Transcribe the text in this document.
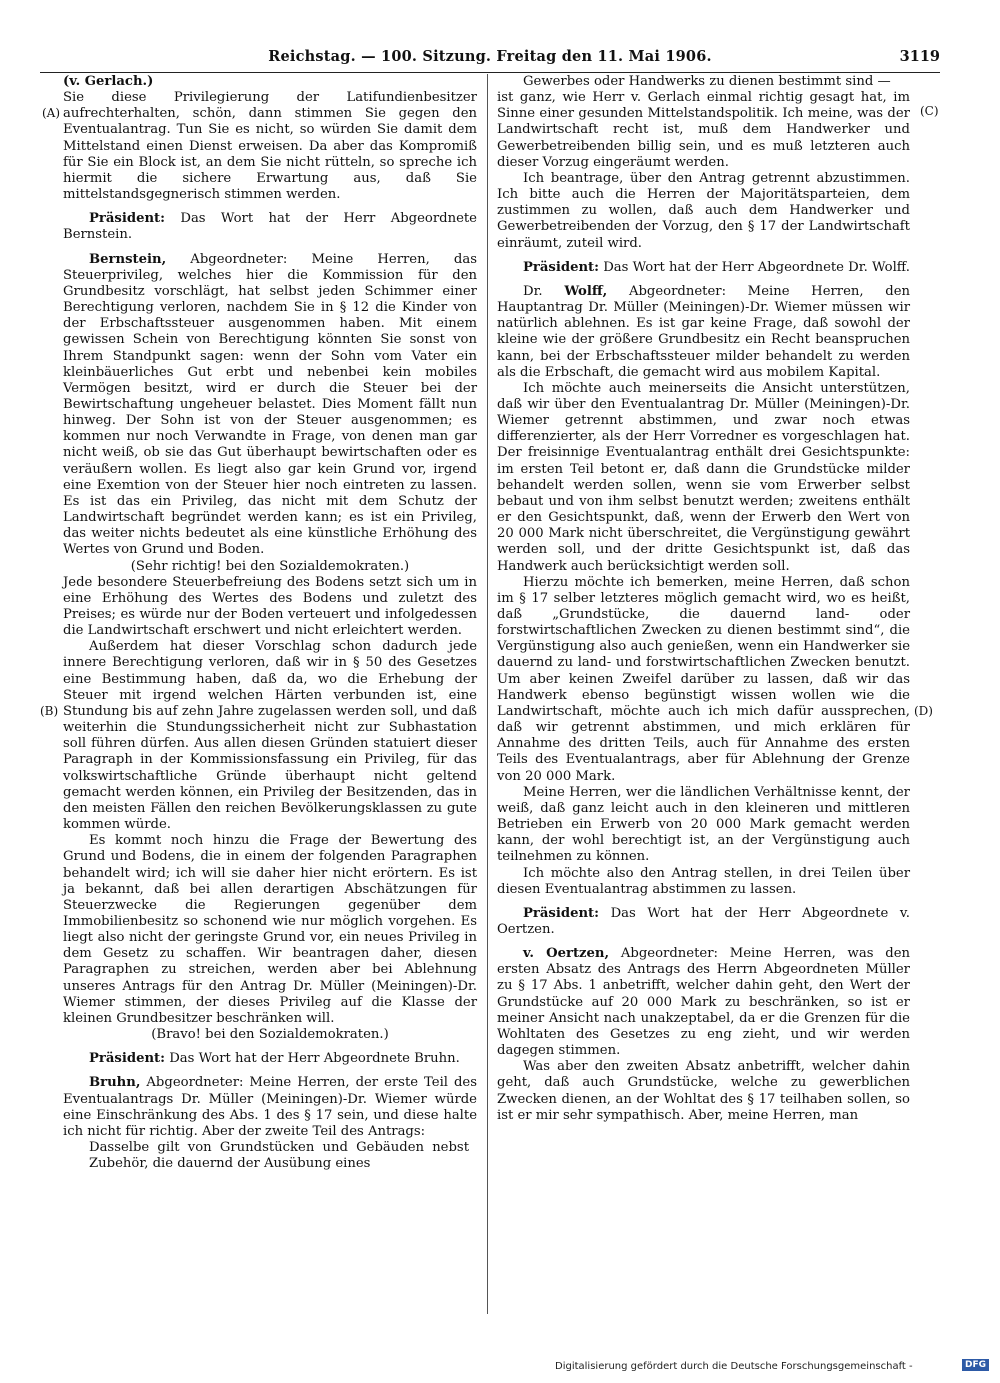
Reichstag. — 100. Sitzung. Freitag den 11. Mai 1906.	3119
(A)
(B)
(C)
(D)

(v. Gerlach.)

Sie diese Privilegierung der Latifundienbesitzer aufrechterhalten, schön, dann stimmen Sie gegen den Eventualantrag. Tun Sie es nicht, so würden Sie damit dem Mittelstand einen Dienst erweisen. Da aber das Kompromiß für Sie ein Block ist, an dem Sie nicht rütteln, so spreche ich hiermit die sichere Erwartung aus, daß Sie mittelstandsgegnerisch stimmen werden.

Präsident: Das Wort hat der Herr Abgeordnete Bernstein.

Bernstein, Abgeordneter: Meine Herren, das Steuerprivileg, welches hier die Kommission für den Grundbesitz vorschlägt, hat selbst jeden Schimmer einer Berechtigung verloren, nachdem Sie in § 12 die Kinder von der Erbschaftssteuer ausgenommen haben. Mit einem gewissen Schein von Berechtigung könnten Sie sonst von Ihrem Standpunkt sagen: wenn der Sohn vom Vater ein kleinbäuerliches Gut erbt und nebenbei kein mobiles Vermögen besitzt, wird er durch die Steuer bei der Bewirtschaftung ungeheuer belastet. Dies Moment fällt nun hinweg. Der Sohn ist von der Steuer ausgenommen; es kommen nur noch Verwandte in Frage, von denen man gar nicht weiß, ob sie das Gut überhaupt bewirtschaften oder es veräußern wollen. Es liegt also gar kein Grund vor, irgend eine Exemtion von der Steuer hier noch eintreten zu lassen. Es ist das ein Privileg, das nicht mit dem Schutz der Landwirtschaft begründet werden kann; es ist ein Privileg, das weiter nichts bedeutet als eine künstliche Erhöhung des Wertes von Grund und Boden.

(Sehr richtig! bei den Sozialdemokraten.)

Jede besondere Steuerbefreiung des Bodens setzt sich um in eine Erhöhung des Wertes des Bodens und zuletzt des Preises; es würde nur der Boden verteuert und infolgedessen die Landwirtschaft erschwert und nicht erleichtert werden.

Außerdem hat dieser Vorschlag schon dadurch jede innere Berechtigung verloren, daß wir in § 50 des Gesetzes eine Bestimmung haben, daß da, wo die Erhebung der Steuer mit irgend welchen Härten verbunden ist, eine Stundung bis auf zehn Jahre zugelassen werden soll, und daß weiterhin die Stundungssicherheit nicht zur Subhastation soll führen dürfen. Aus allen diesen Gründen statuiert dieser Paragraph in der Kommissionsfassung ein Privileg, für das volkswirtschaftliche Gründe überhaupt nicht geltend gemacht werden können, ein Privileg der Besitzenden, das in den meisten Fällen den reichen Bevölkerungsklassen zu gute kommen würde.

Es kommt noch hinzu die Frage der Bewertung des Grund und Bodens, die in einem der folgenden Paragraphen behandelt wird; ich will sie daher hier nicht erörtern. Es ist ja bekannt, daß bei allen derartigen Abschätzungen für Steuerzwecke die Regierungen gegenüber dem Immobilienbesitz so schonend wie nur möglich vorgehen. Es liegt also nicht der geringste Grund vor, ein neues Privileg in dem Gesetz zu schaffen. Wir beantragen daher, diesen Paragraphen zu streichen, werden aber bei Ablehnung unseres Antrags für den Antrag Dr. Müller (Meiningen)-Dr. Wiemer stimmen, der dieses Privileg auf die Klasse der kleinen Grundbesitzer beschränken will.

(Bravo! bei den Sozialdemokraten.)

Präsident: Das Wort hat der Herr Abgeordnete Bruhn.

Bruhn, Abgeordneter: Meine Herren, der erste Teil des Eventualantrags Dr. Müller (Meiningen)-Dr. Wiemer würde eine Einschränkung des Abs. 1 des § 17 sein, und diese halte ich nicht für richtig. Aber der zweite Teil des Antrags:

Dasselbe gilt von Grundstücken und Gebäuden nebst Zubehör, die dauernd der Ausübung eines

Gewerbes oder Handwerks zu dienen bestimmt sind —

ist ganz, wie Herr v. Gerlach einmal richtig gesagt hat, im Sinne einer gesunden Mittelstandspolitik. Ich meine, was der Landwirtschaft recht ist, muß dem Handwerker und Gewerbetreibenden billig sein, und es muß letzteren auch dieser Vorzug eingeräumt werden.

Ich beantrage, über den Antrag getrennt abzustimmen. Ich bitte auch die Herren der Majoritätsparteien, dem zustimmen zu wollen, daß auch dem Handwerker und Gewerbetreibenden der Vorzug, den § 17 der Landwirtschaft einräumt, zuteil wird.

Präsident: Das Wort hat der Herr Abgeordnete Dr. Wolff.

Dr. Wolff, Abgeordneter: Meine Herren, den Hauptantrag Dr. Müller (Meiningen)-Dr. Wiemer müssen wir natürlich ablehnen. Es ist gar keine Frage, daß sowohl der kleine wie der größere Grundbesitz ein Recht beanspruchen kann, bei der Erbschaftssteuer milder behandelt zu werden als die Erbschaft, die gemacht wird aus mobilem Kapital.

Ich möchte auch meinerseits die Ansicht unterstützen, daß wir über den Eventualantrag Dr. Müller (Meiningen)-Dr. Wiemer getrennt abstimmen, und zwar noch etwas differenzierter, als der Herr Vorredner es vorgeschlagen hat. Der freisinnige Eventualantrag enthält drei Gesichtspunkte: im ersten Teil betont er, daß dann die Grundstücke milder behandelt werden sollen, wenn sie vom Erwerber selbst bebaut und von ihm selbst benutzt werden; zweitens enthält er den Gesichtspunkt, daß, wenn der Erwerb den Wert von 20 000 Mark nicht überschreitet, die Vergünstigung gewährt werden soll, und der dritte Gesichtspunkt ist, daß das Handwerk auch berücksichtigt werden soll.

Hierzu möchte ich bemerken, meine Herren, daß schon im § 17 selber letzteres möglich gemacht wird, wo es heißt, daß „Grundstücke, die dauernd land- oder forstwirtschaftlichen Zwecken zu dienen bestimmt sind“, die Vergünstigung also auch genießen, wenn ein Handwerker sie dauernd zu land- und forstwirtschaftlichen Zwecken benutzt. Um aber keinen Zweifel darüber zu lassen, daß wir das Handwerk ebenso begünstigt wissen wollen wie die Landwirtschaft, möchte auch ich mich dafür aussprechen, daß wir getrennt abstimmen, und mich erklären für Annahme des dritten Teils, auch für Annahme des ersten Teils des Eventualantrags, aber für Ablehnung der Grenze von 20 000 Mark.

Meine Herren, wer die ländlichen Verhältnisse kennt, der weiß, daß ganz leicht auch in den kleineren und mittleren Betrieben ein Erwerb von 20 000 Mark gemacht werden kann, der wohl berechtigt ist, an der Vergünstigung auch teilnehmen zu können.

Ich möchte also den Antrag stellen, in drei Teilen über diesen Eventualantrag abstimmen zu lassen.

Präsident: Das Wort hat der Herr Abgeordnete v. Oertzen.

v. Oertzen, Abgeordneter: Meine Herren, was den ersten Absatz des Antrags des Herrn Abgeordneten Müller zu § 17 Abs. 1 anbetrifft, welcher dahin geht, den Wert der Grundstücke auf 20 000 Mark zu beschränken, so ist er meiner Ansicht nach unakzeptabel, da er die Grenzen für die Wohltaten des Gesetzes zu eng zieht, und wir werden dagegen stimmen.

Was aber den zweiten Absatz anbetrifft, welcher dahin geht, daß auch Grundstücke, welche zu gewerblichen Zwecken dienen, an der Wohltat des § 17 teilhaben sollen, so ist er mir sehr sympathisch. Aber, meine Herren, man

Digitalisierung gefördert durch die Deutsche Forschungsgemeinschaft -	DFG
